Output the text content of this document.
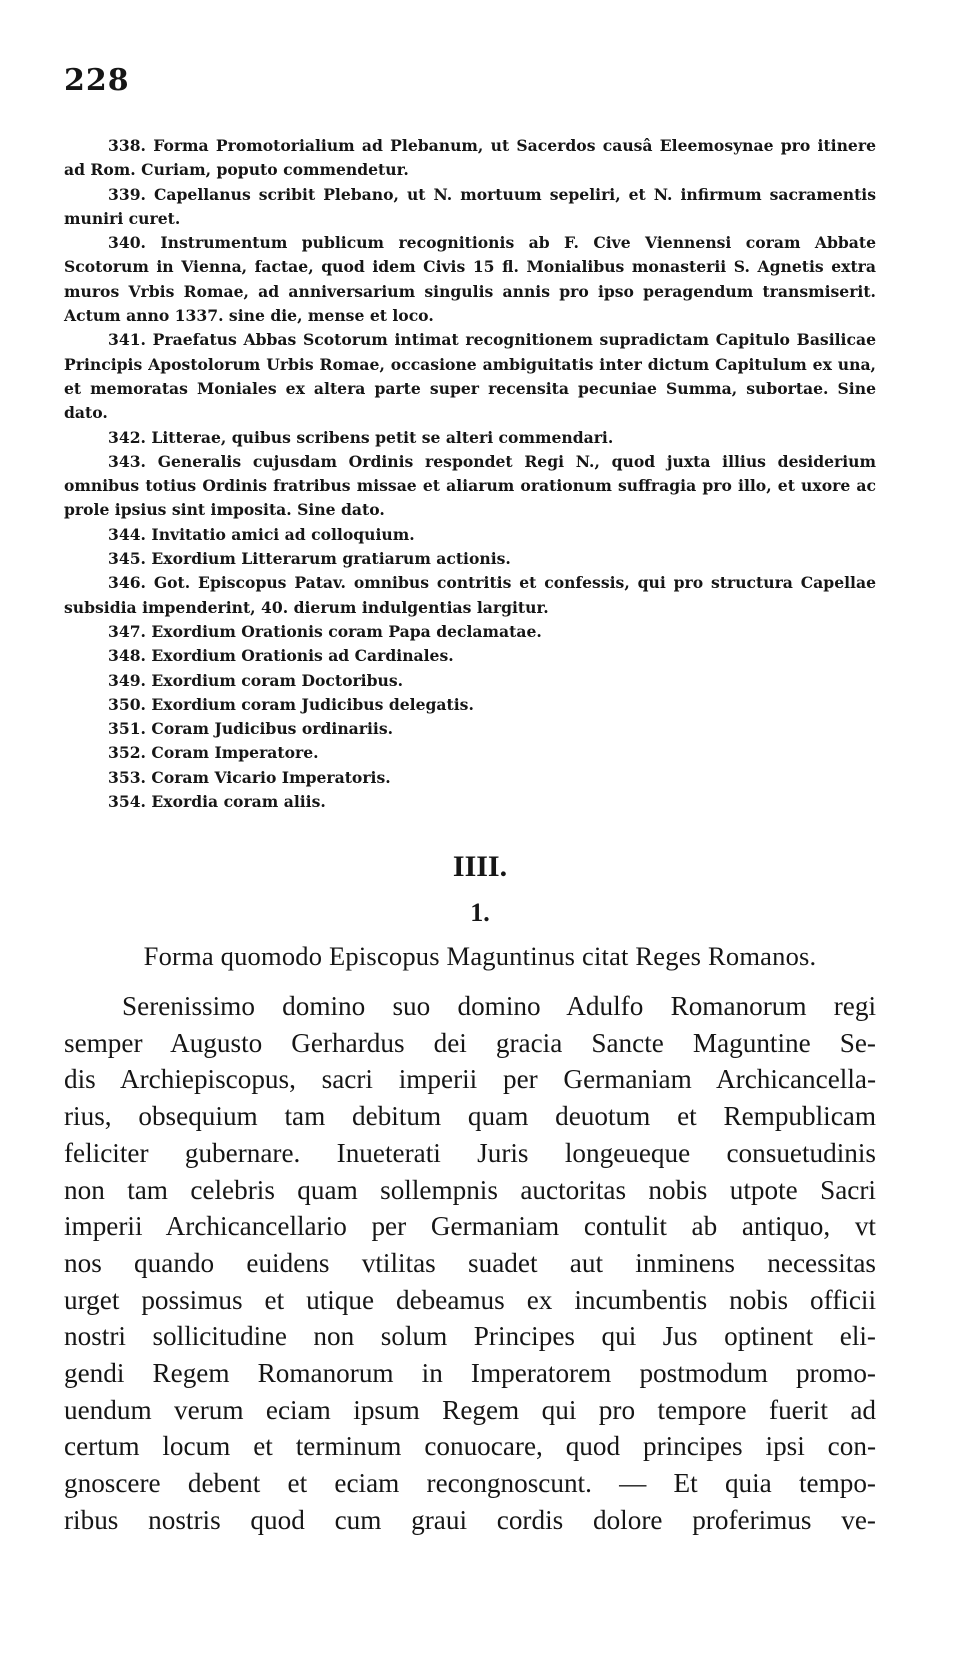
228
338. Forma Promotorialium ad Plebanum, ut Sacerdos causâ Eleemosynae pro itinere ad Rom. Curiam, poputo commendetur.
339. Capellanus scribit Plebano, ut N. mortuum sepeliri, et N. infirmum sacramentis muniri curet.
340. Instrumentum publicum recognitionis ab F. Cive Viennensi coram Abbate Scotorum in Vienna, factae, quod idem Civis 15 fl. Monialibus monasterii S. Agnetis extra muros Vrbis Romae, ad anniversarium singulis annis pro ipso peragendum transmiserit. Actum anno 1337. sine die, mense et loco.
341. Praefatus Abbas Scotorum intimat recognitionem supradictam Capitulo Basilicae Principis Apostolorum Urbis Romae, occasione ambiguitatis inter dictum Capitulum ex una, et memoratas Moniales ex altera parte super recensita pecuniae Summa, subortae. Sine dato.
342. Litterae, quibus scribens petit se alteri commendari.
343. Generalis cujusdam Ordinis respondet Regi N., quod juxta illius desiderium omnibus totius Ordinis fratribus missae et aliarum orationum suffragia pro illo, et uxore ac prole ipsius sint imposita. Sine dato.
344. Invitatio amici ad colloquium.
345. Exordium Litterarum gratiarum actionis.
346. Got. Episcopus Patav. omnibus contritis et confessis, qui pro structura Capellae subsidia impenderint, 40. dierum indulgentias largitur.
347. Exordium Orationis coram Papa declamatae.
348. Exordium Orationis ad Cardinales.
349. Exordium coram Doctoribus.
350. Exordium coram Judicibus delegatis.
351. Coram Judicibus ordinariis.
352. Coram Imperatore.
353. Coram Vicario Imperatoris.
354. Exordia coram aliis.
IIII.
1.
Forma quomodo Episcopus Maguntinus citat Reges Romanos.
Serenissimo domino suo domino Adulfo Romanorum regi
semper Augusto Gerhardus dei gracia Sancte Maguntine Se-
dis Archiepiscopus, sacri imperii per Germaniam Archicancella-
rius, obsequium tam debitum quam deuotum et Rempublicam
feliciter gubernare. Inueterati Juris longeueque consuetudinis
non tam celebris quam sollempnis auctoritas nobis utpote Sacri
imperii Archicancellario per Germaniam contulit ab antiquo, vt
nos quando euidens vtilitas suadet aut inminens necessitas
urget possimus et utique debeamus ex incumbentis nobis officii
nostri sollicitudine non solum Principes qui Jus optinent eli-
gendi Regem Romanorum in Imperatorem postmodum promo-
uendum verum eciam ipsum Regem qui pro tempore fuerit ad
certum locum et terminum conuocare, quod principes ipsi con-
gnoscere debent et eciam recongnoscunt. — Et quia tempo-
ribus nostris quod cum graui cordis dolore proferimus ve-
